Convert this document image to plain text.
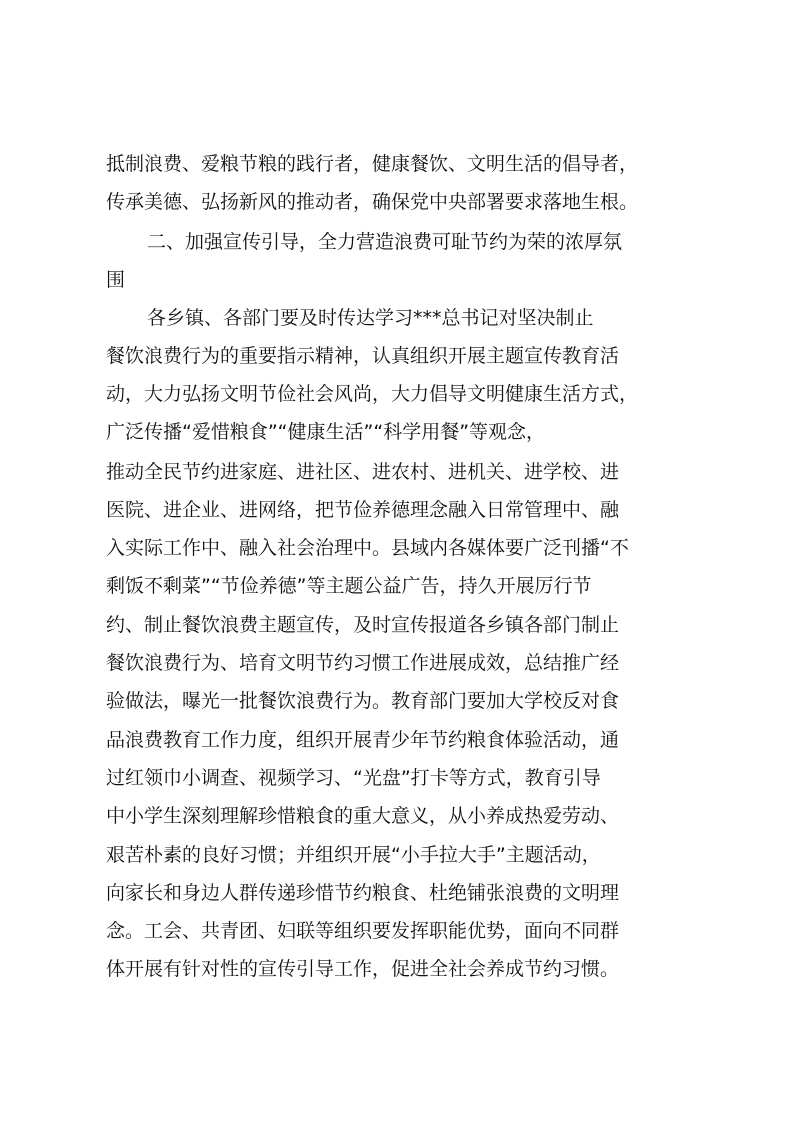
抵制浪费、爱粮节粮的践行者，健康餐饮、文明生活的倡导者，
传承美德、弘扬新风的推动者，确保党中央部署要求落地生根。
二、加强宣传引导，全力营造浪费可耻节约为荣的浓厚氛
围
各乡镇、各部门要及时传达学习***总书记对坚决制止
餐饮浪费行为的重要指示精神，认真组织开展主题宣传教育活
动，大力弘扬文明节俭社会风尚，大力倡导文明健康生活方式，
广泛传播“爱惜粮食”“健康生活”“科学用餐”等观念，
推动全民节约进家庭、进社区、进农村、进机关、进学校、进
医院、进企业、进网络，把节俭养德理念融入日常管理中、融
入实际工作中、融入社会治理中。县域内各媒体要广泛刊播“不
剩饭不剩菜”“节俭养德”等主题公益广告，持久开展厉行节
约、制止餐饮浪费主题宣传，及时宣传报道各乡镇各部门制止
餐饮浪费行为、培育文明节约习惯工作进展成效，总结推广经
验做法，曝光一批餐饮浪费行为。教育部门要加大学校反对食
品浪费教育工作力度，组织开展青少年节约粮食体验活动，通
过红领巾小调查、视频学习、“光盘”打卡等方式，教育引导
中小学生深刻理解珍惜粮食的重大意义，从小养成热爱劳动、
艰苦朴素的良好习惯；并组织开展“小手拉大手”主题活动，
向家长和身边人群传递珍惜节约粮食、杜绝铺张浪费的文明理
念。工会、共青团、妇联等组织要发挥职能优势，面向不同群
体开展有针对性的宣传引导工作，促进全社会养成节约习惯。
